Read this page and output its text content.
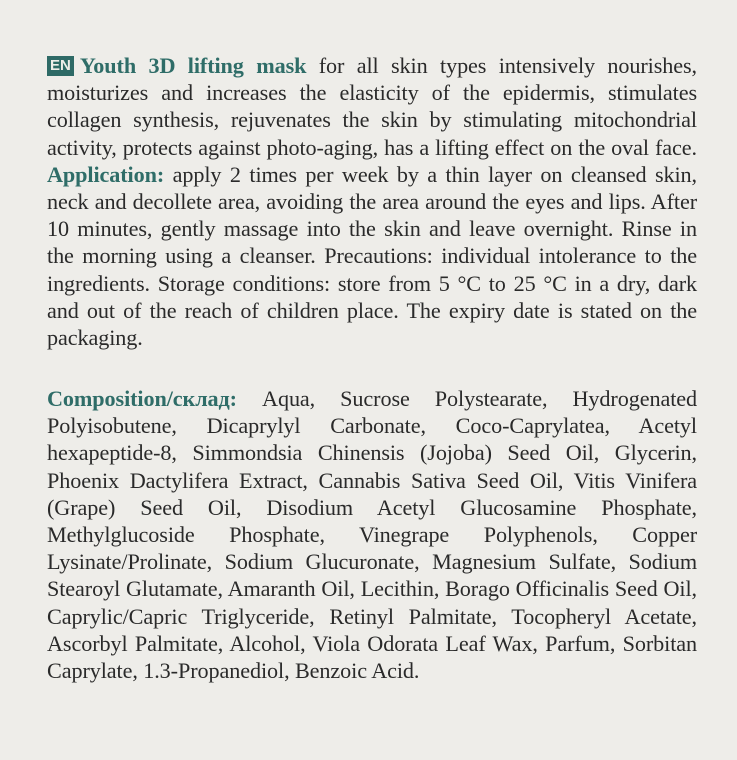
EN Youth 3D lifting mask for all skin types intensively nourishes, moisturizes and increases the elasticity of the epidermis, stimulates collagen synthesis, rejuvenates the skin by stimulating mitochondrial activity, protects against photo-aging, has a lifting effect on the oval face. Application: apply 2 times per week by a thin layer on cleansed skin, neck and decollete area, avoiding the area around the eyes and lips. After 10 minutes, gently massage into the skin and leave overnight. Rinse in the morning using a cleanser. Precautions: individual intolerance to the ingredients. Storage conditions: store from 5 °C to 25 °C in a dry, dark and out of the reach of children place. The expiry date is stated on the packaging.
Composition/склад: Aqua, Sucrose Polystearate, Hydrogenated Polyisobutene, Dicaprylyl Carbonate, Coco-Caprylatea, Acetyl hexapeptide-8, Simmondsia Chinensis (Jojoba) Seed Oil, Glycerin, Phoenix Dactylifera Extract, Cannabis Sativa Seed Oil, Vitis Vinifera (Grape) Seed Oil, Disodium Acetyl Glucosamine Phosphate, Methylglucoside Phosphate, Vinegrape Polyphenols, Copper Lysinate/Prolinate, Sodium Glucuronate, Magnesium Sulfate, Sodium Stearoyl Glutamate, Amaranth Oil, Lecithin, Borago Officinalis Seed Oil, Caprylic/Capric Triglyceride, Retinyl Palmitate, Tocopheryl Acetate, Ascorbyl Palmitate, Alcohol, Viola Odorata Leaf Wax, Parfum, Sorbitan Caprylate, 1.3-Propanediol, Benzoic Acid.
